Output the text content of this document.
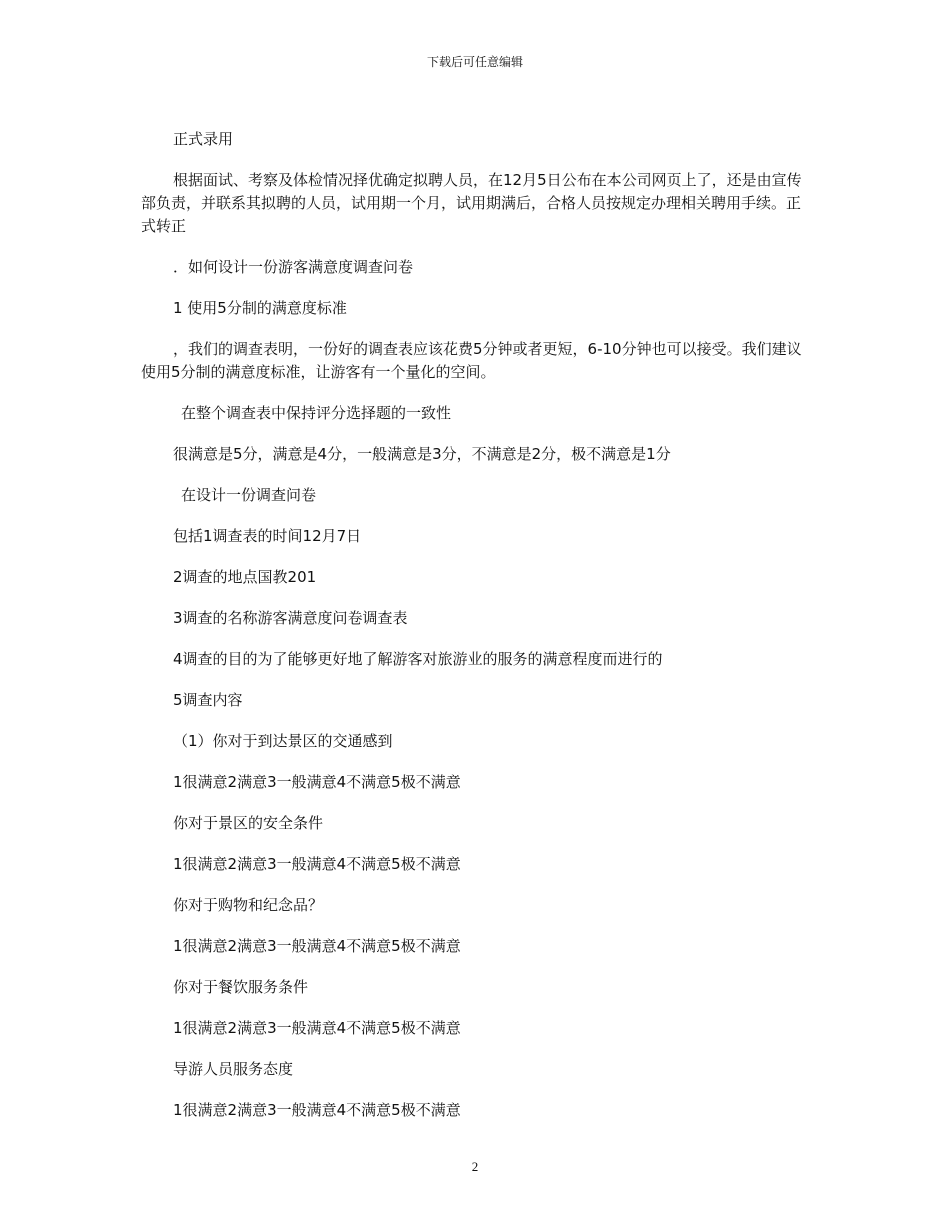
下载后可任意编辑

正式录用

根据面试、考察及体检情况择优确定拟聘人员，在12月5日公布在本公司网页上了，还是由宣传部负责，并联系其拟聘的人员，试用期一个月，试用期满后，合格人员按规定办理相关聘用手续。正式转正

．如何设计一份游客满意度调查问卷

1 使用5分制的满意度标准

，我们的调查表明，一份好的调查表应该花费5分钟或者更短，6-10分钟也可以接受。我们建议使用5分制的满意度标准，让游客有一个量化的空间。

在整个调查表中保持评分选择题的一致性

很满意是5分，满意是4分，一般满意是3分，不满意是2分，极不满意是1分

在设计一份调查问卷

包括1调查表的时间12月7日

2调查的地点国教201

3调查的名称游客满意度问卷调查表

4调查的目的为了能够更好地了解游客对旅游业的服务的满意程度而进行的

5调查内容

（1）你对于到达景区的交通感到

1很满意2满意3一般满意4不满意5极不满意

你对于景区的安全条件

1很满意2满意3一般满意4不满意5极不满意

你对于购物和纪念品？

1很满意2满意3一般满意4不满意5极不满意

你对于餐饮服务条件

1很满意2满意3一般满意4不满意5极不满意

导游人员服务态度

1很满意2满意3一般满意4不满意5极不满意

2
